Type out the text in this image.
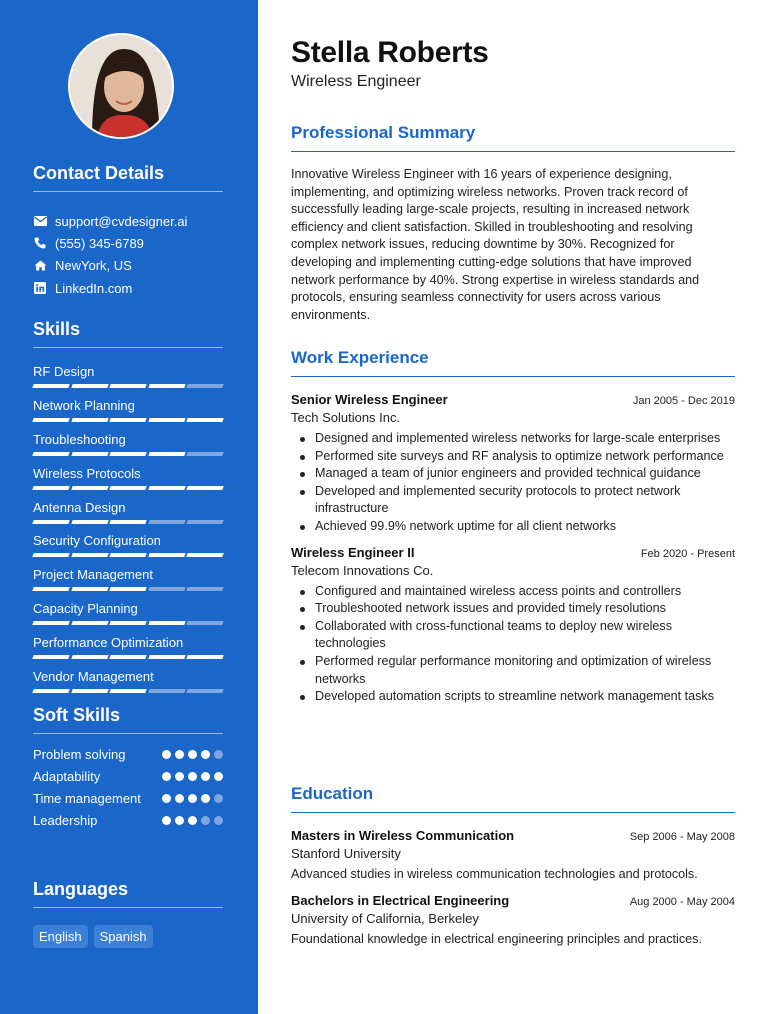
Contact Details
support@cvdesigner.ai
(555) 345-6789
NewYork, US
LinkedIn.com
Skills
RF Design
Network Planning
Troubleshooting
Wireless Protocols
Antenna Design
Security Configuration
Project Management
Capacity Planning
Performance Optimization
Vendor Management
Soft Skills
Problem solving
Adaptability
Time management
Leadership
Languages
English	Spanish
Stella Roberts
Wireless Engineer
Professional Summary

Innovative Wireless Engineer with 16 years of experience designing, implementing, and optimizing wireless networks. Proven track record of successfully leading large-scale projects, resulting in increased network efficiency and client satisfaction. Skilled in troubleshooting and resolving complex network issues, reducing downtime by 30%. Recognized for developing and implementing cutting-edge solutions that have improved network performance by 40%. Strong expertise in wireless standards and protocols, ensuring seamless connectivity for users across various environments.

Work Experience
Senior Wireless Engineer	Jan 2005 - Dec 2019
Tech Solutions Inc.
Designed and implemented wireless networks for large-scale enterprises
Performed site surveys and RF analysis to optimize network performance
Managed a team of junior engineers and provided technical guidance
Developed and implemented security protocols to protect network infrastructure
Achieved 99.9% network uptime for all client networks
Wireless Engineer II	Feb 2020 - Present
Telecom Innovations Co.
Configured and maintained wireless access points and controllers
Troubleshooted network issues and provided timely resolutions
Collaborated with cross-functional teams to deploy new wireless technologies
Performed regular performance monitoring and optimization of wireless networks
Developed automation scripts to streamline network management tasks
Education
Masters in Wireless Communication	Sep 2006 - May 2008
Stanford University
Advanced studies in wireless communication technologies and protocols.
Bachelors in Electrical Engineering	Aug 2000 - May 2004
University of California, Berkeley
Foundational knowledge in electrical engineering principles and practices.
